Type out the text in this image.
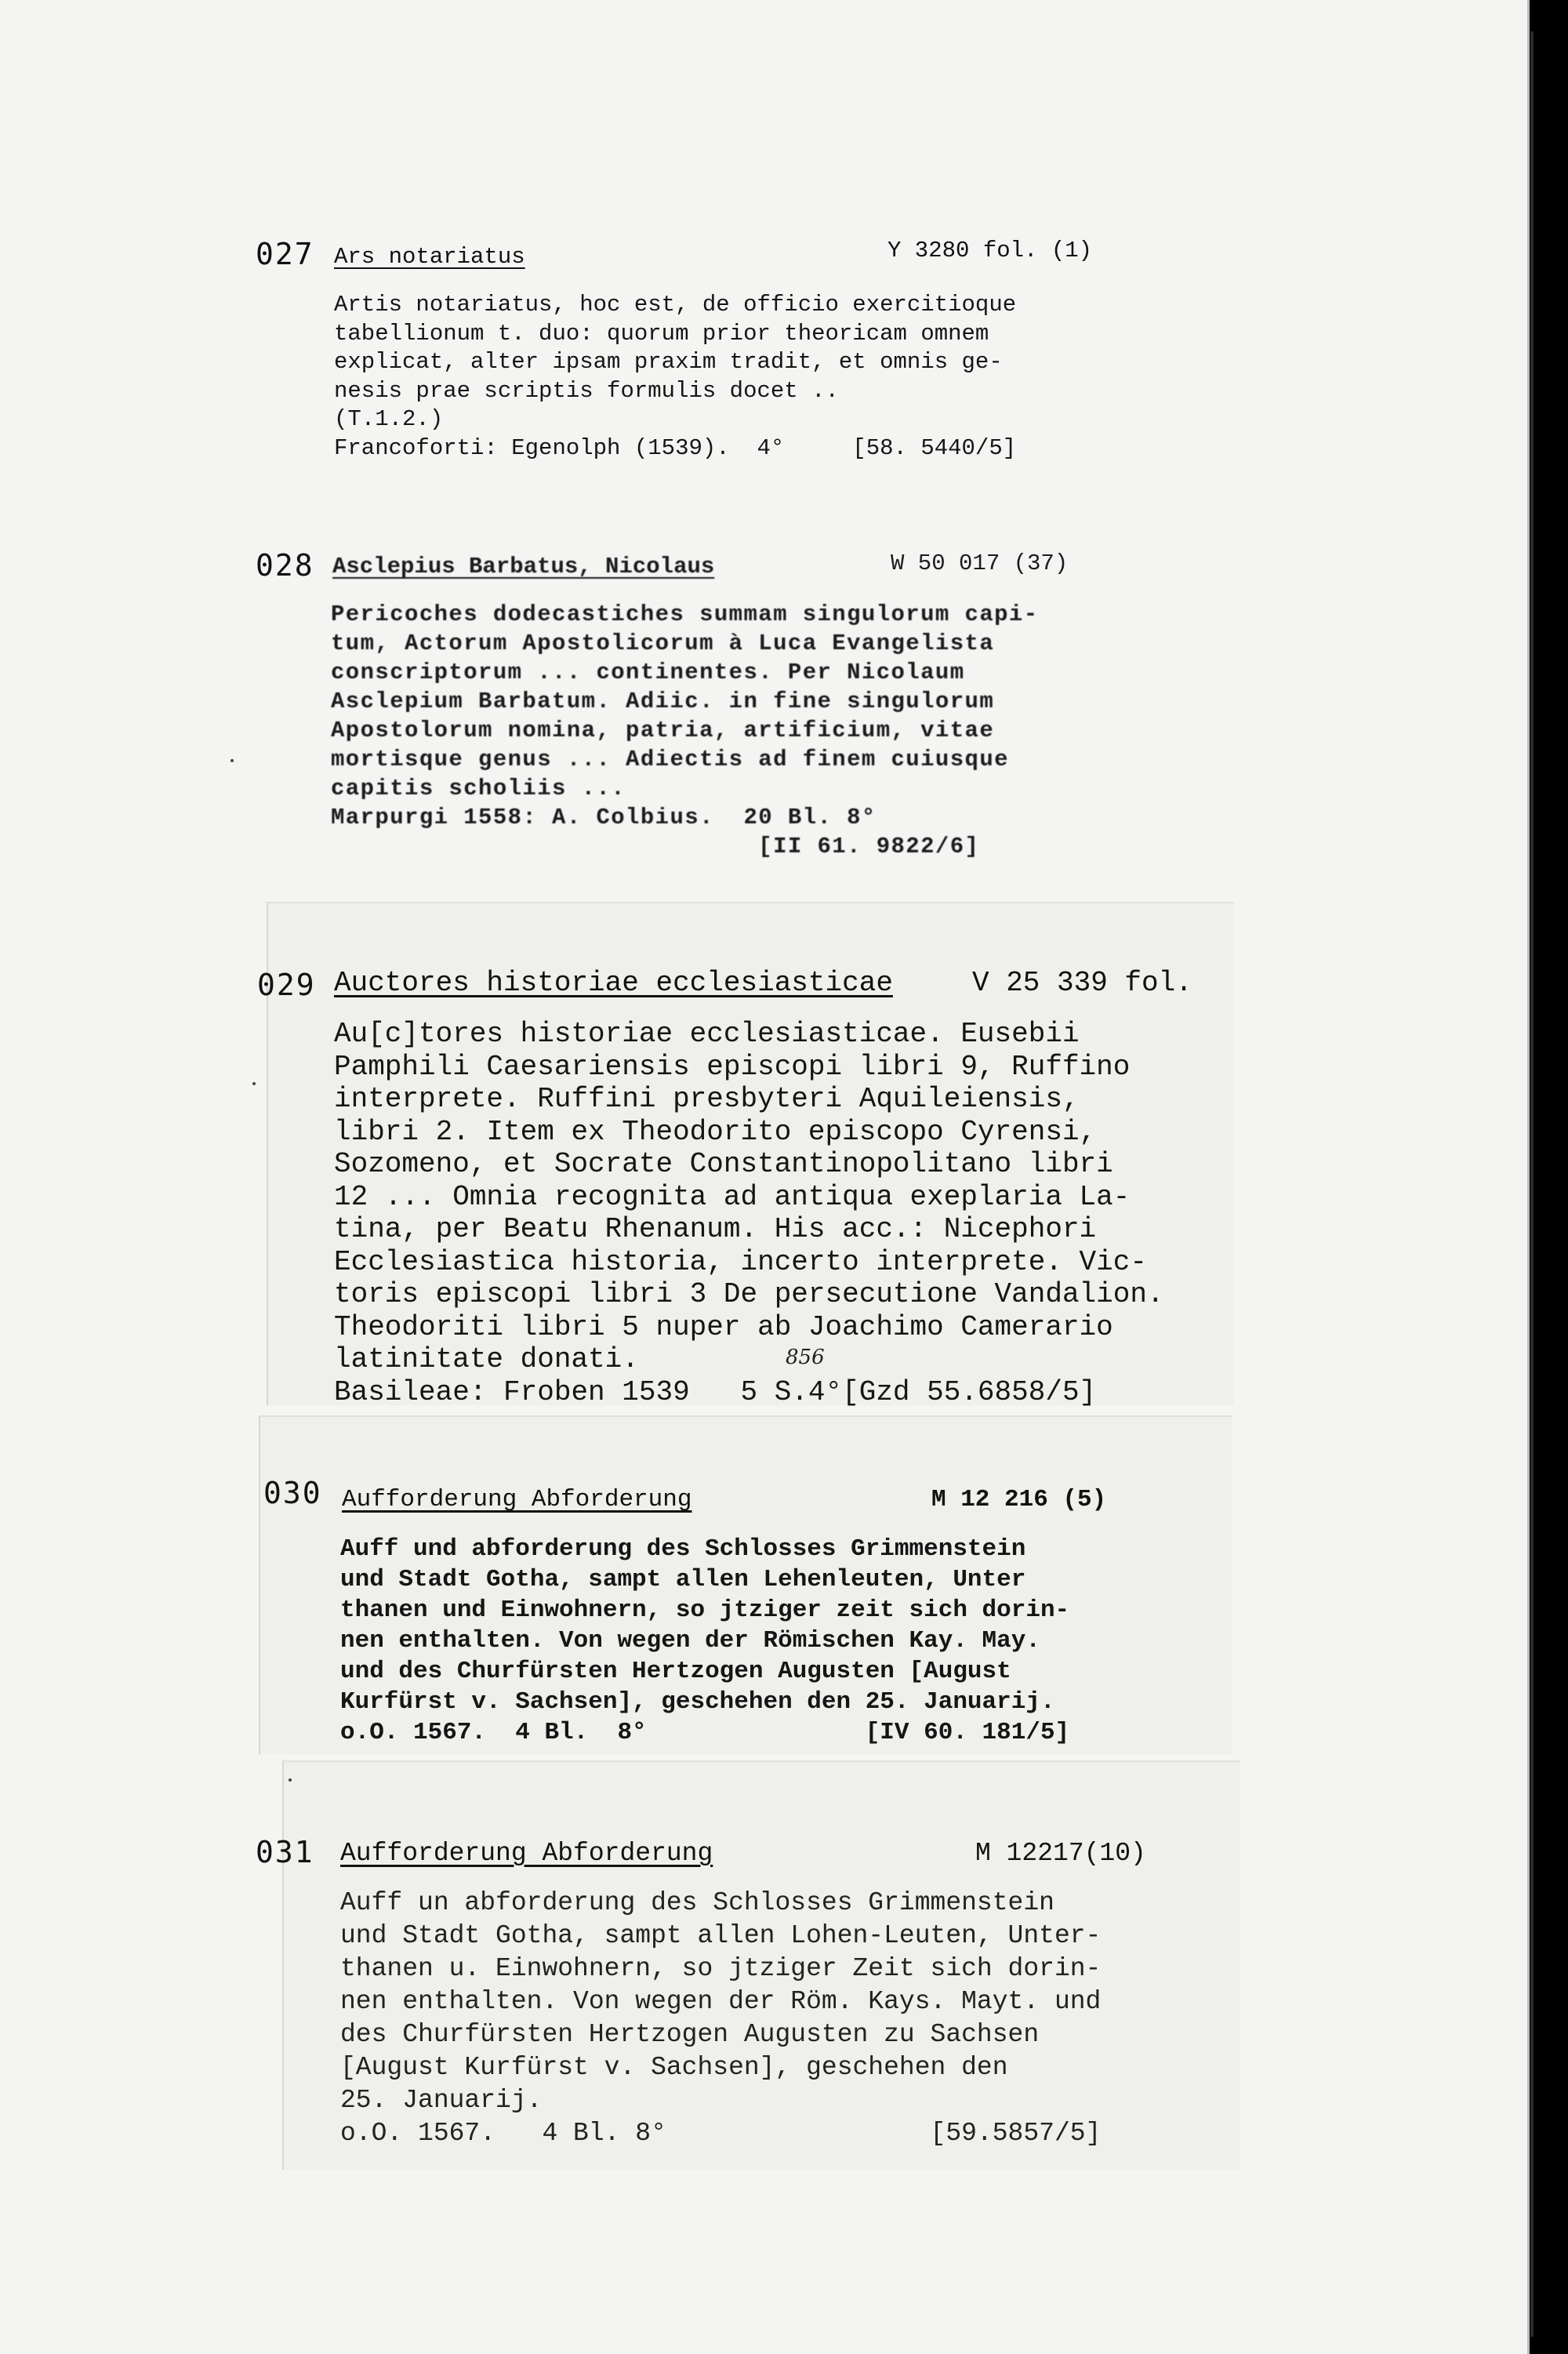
027 Ars notariatus	Y 3280 fol. (1)
Artis notariatus, hoc est, de officio exercitioque
tabellionum t. duo: quorum prior theoricam omnem
explicat, alter ipsam praxim tradit, et omnis ge-
nesis prae scriptis formulis docet ..
(T.1.2.)
Francoforti: Egenolph (1539).  4°     [58. 5440/5]
028 Asclepius Barbatus, Nicolaus	W 50 017 (37)
Pericoches dodecastiches summam singulorum capi-
tum, Actorum Apostolicorum à Luca Evangelista
conscriptorum ... continentes. Per Nicolaum
Asclepium Barbatum. Adiic. in fine singulorum
Apostolorum nomina, patria, artificium, vitae
mortisque genus ... Adiectis ad finem cuiusque
capitis scholiis ...
Marpurgi 1558: A. Colbius.  20 Bl. 8°
[II 61. 9822/6]
029 Auctores historiae ecclesiasticae	V 25 339 fol.
Au[c]tores historiae ecclesiasticae. Eusebii
Pamphili Caesariensis episcopi libri 9, Ruffino
interprete. Ruffini presbyteri Aquileiensis,
libri 2. Item ex Theodorito episcopo Cyrensi,
Sozomeno, et Socrate Constantinopolitano libri
12 ... Omnia recognita ad antiqua exeplaria La-
tina, per Beatu Rhenanum. His acc.: Nicephori
Ecclesiastica historia, incerto interprete. Vic-
toris episcopi libri 3 De persecutione Vandalion.
Theodoriti libri 5 nuper ab Joachimo Camerario
latinitate donati.
Basileae: Froben 1539   5 S.4°[Gzd 55.6858/5]
856
030 Aufforderung Abforderung	M 12 216 (5)
Auff und abforderung des Schlosses Grimmenstein
und Stadt Gotha, sampt allen Lehenleuten, Unter
thanen und Einwohnern, so jtziger zeit sich dorin-
nen enthalten. Von wegen der Römischen Kay. May.
und des Churfürsten Hertzogen Augusten [August
Kurfürst v. Sachsen], geschehen den 25. Januarij.
o.O. 1567.  4 Bl.  8°               [IV 60. 181/5]
031 Aufforderung Abforderung	M 12217(10)
Auff un abforderung des Schlosses Grimmenstein
und Stadt Gotha, sampt allen Lohen-Leuten, Unter-
thanen u. Einwohnern, so jtziger Zeit sich dorin-
nen enthalten. Von wegen der Röm. Kays. Mayt. und
des Churfürsten Hertzogen Augusten zu Sachsen
[August Kurfürst v. Sachsen], geschehen den
25. Januarij.
o.O. 1567.   4 Bl. 8°                 [59.5857/5]
